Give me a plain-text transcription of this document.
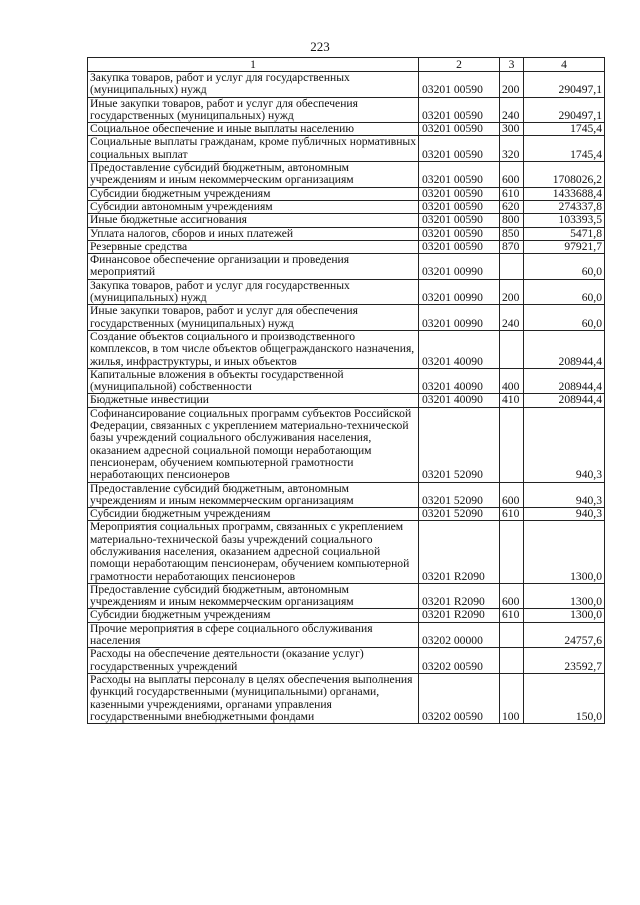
223
1	2	3	4
Закупка товаров, работ и услуг для государственных (муниципальных) нужд	03201 00590	200	290497,1
Иные закупки товаров, работ и услуг для обеспечения государственных (муниципальных) нужд	03201 00590	240	290497,1
Социальное обеспечение и иные выплаты населению	03201 00590	300	1745,4
Социальные выплаты гражданам, кроме публичных нормативных социальных выплат	03201 00590	320	1745,4
Предоставление субсидий бюджетным, автономным учреждениям и иным некоммерческим организациям	03201 00590	600	1708026,2
Субсидии бюджетным учреждениям	03201 00590	610	1433688,4
Субсидии автономным учреждениям	03201 00590	620	274337,8
Иные бюджетные ассигнования	03201 00590	800	103393,5
Уплата налогов, сборов и иных платежей	03201 00590	850	5471,8
Резервные средства	03201 00590	870	97921,7
Финансовое обеспечение организации и проведения мероприятий	03201 00990		60,0
Закупка товаров, работ и услуг для государственных (муниципальных) нужд	03201 00990	200	60,0
Иные закупки товаров, работ и услуг для обеспечения государственных (муниципальных) нужд	03201 00990	240	60,0
Создание объектов социального и производственного комплексов, в том числе объектов общегражданского назначения, жилья, инфраструктуры, и иных объектов	03201 40090		208944,4
Капитальные вложения в объекты государственной (муниципальной) собственности	03201 40090	400	208944,4
Бюджетные инвестиции	03201 40090	410	208944,4
Софинансирование социальных программ субъектов Российской Федерации, связанных с укреплением материально-технической базы учреждений социального обслуживания населения, оказанием адресной социальной помощи неработающим пенсионерам, обучением компьютерной грамотности неработающих пенсионеров	03201 52090		940,3
Предоставление субсидий бюджетным, автономным учреждениям и иным некоммерческим организациям	03201 52090	600	940,3
Субсидии бюджетным учреждениям	03201 52090	610	940,3
Мероприятия социальных программ, связанных с укреплением материально-технической базы учреждений социального обслуживания населения, оказанием адресной социальной помощи неработающим пенсионерам, обучением компьютерной грамотности неработающих пенсионеров	03201 R2090		1300,0
Предоставление субсидий бюджетным, автономным учреждениям и иным некоммерческим организациям	03201 R2090	600	1300,0
Субсидии бюджетным учреждениям	03201 R2090	610	1300,0
Прочие мероприятия в сфере социального обслуживания населения	03202 00000		24757,6
Расходы на обеспечение деятельности (оказание услуг) государственных учреждений	03202 00590		23592,7
Расходы на выплаты персоналу в целях обеспечения выполнения функций государственными (муниципальными) органами, казенными учреждениями, органами управления государственными внебюджетными фондами	03202 00590	100	150,0
